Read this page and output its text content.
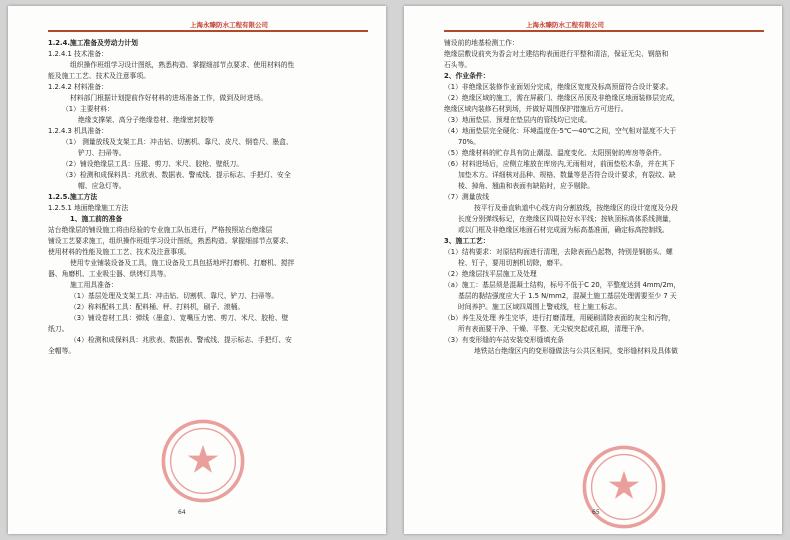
上海永臻防水工程有限公司
1.2.4.施工准备及劳动力计划
1.2.4.1 技术准备：
组织操作班组学习设计图纸，熟悉构造、掌握细部节点要求、使用材料的性
能及施工工艺、技术及注意事项。
1.2.4.2 材料准备：
材料部门根据计划提前作好材料的进场准备工作，做到及时进场。
（1）主要材料：
绝缘支撑架、高分子绝缘卷材、绝缘密封胶等
1.2.4.3 机具准备：
（1） 测量放线及支架工具：冲击钻、切割机、靠尺、皮尺、钢卷尺、墨盒、
铲刀、扫帚等。
（2）铺设绝缘层工具：压辊、剪刀、米尺、胶枪、壁纸刀。
（3）检测和成保料具：兆欧表、数据表、警戒线、提示标志、手把灯、安全
帽、应急灯等。
1.2.5.施工方法
1.2.5.1 地面绝缘施工方法
1、施工前的准备
站台绝缘层的铺设施工将由经验的专业施工队伍进行，严格按照站台绝缘层
铺设工艺要求施工，组织操作班组学习设计图纸，熟悉构造、掌握细部节点要求、
使用材料的性能及施工工艺、技术及注意事项。
使用专业铺装设备及工具，施工设备及工具包括地坪打磨机、打磨机、搅拌
器、角磨机、工业吸尘器、烘烤灯具等。
施工用具准备：
（1）基层处理及支架工具：冲击钻、切割机、靠尺、铲刀、扫帚等。
（2）称料配料工具：配料桶、秤、打料机，刷子、滚桶。
（3）铺设卷材工具：弹线（墨盒）、宽嘴压力密、剪刀、米尺、胶枪、壁
纸刀。
（4）检测和成保料具：兆欧表、数据表、警戒线、提示标志、手把灯、安
全帽等。
64
上海永臻防水工程有限公司
铺设前的地基检测工作：
绝缘层敷设前夹为香会对土建结构表面进行平整和清洁，保证无尖、钢筋和
石头等。
2、作业条件：
（1）非绝缘区装修作业面划分完成，绝缘区宽度及标高预留符合设计要求。
（2）绝缘区域的施工，需在屏蔽门、绝缘区吊顶及非绝缘区地面装修层完成，
绝缘区域内装修石材到场，并做好周围保护措施后方可进行。
（3）地面垫层、预埋在垫层内的管线均已完成。
（4）地面垫层完全硬化：环境温度在-5℃—40℃之间，空气相对湿度不大于
70%。
（5）绝缘材料的贮存具有防止潮湿、温度变化、太阳照射的库房等条件。
（6）材料进场后，应侧立堆放在库房内,无雨相对，前面垫松木条，并在其下
加垫木方。详细核对品种、规格、数量等是否符合设计要求，有裂纹、缺
棱、掉角、翘曲和表面有缺陷时，应予剔除。
（7）测量放线
按平行及垂直轨道中心线方向分割放线，按绝缘区的设计宽度及分段
长度分别弹线标记，在绝缘区四周拉好水平线；按轨顶标高体系线测量，
或以门框及非绝缘区地面石材完成面为标高基准面，确定标高控制线。
3、施工工艺：
（1）结构要求：对原结构面进行清理，去除表面凸起物，特别是钢筋头、螺
栓、钉子，要用切割机切除，磨平。
（2）绝缘层找平层施工及处理
（a）施工：基层须是混凝土结构，标号不低于C 20，平整度达到 4mm/2m，
基层的黏结强度应大于 1.5 N/mm2，混凝土施工基层处理需要至少 7 天
时间养护。施工区域四周围上警戒线，柱上施工标志。
（b）养生及处理 养生完毕，进行打磨清理，用硬刷清除表面的灰尘和污物，
所有表面要干净、干燥、平整、无尖锐突起或孔眼，清理干净。
（3）有变形缝的车站安装变形缝填充条
地铁站台绝缘区内的变形缝做法与公共区相同，变形缝材料及具体做
65
